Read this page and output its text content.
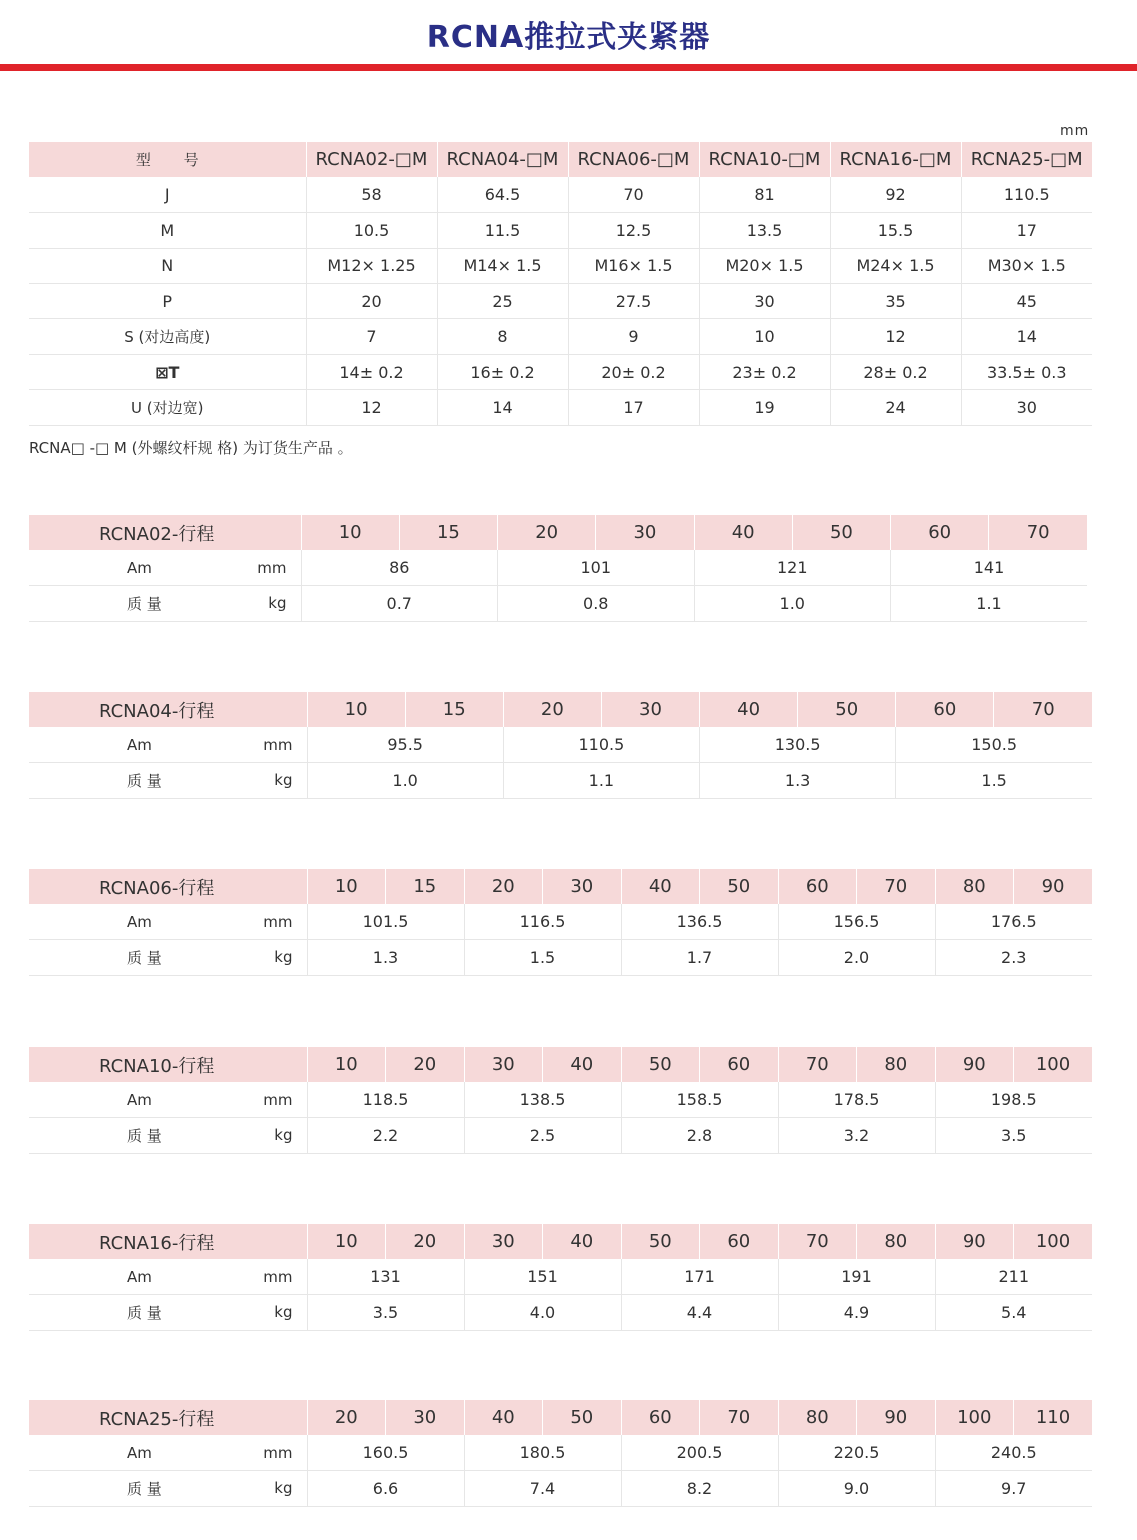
RCNA推拉式夹紧器
mm
型 号	RCNA02-□M	RCNA04-□M	RCNA06-□M	RCNA10-□M	RCNA16-□M	RCNA25-□M
J	58	64.5	70	81	92	110.5
M	10.5	11.5	12.5	13.5	15.5	17
N	M12× 1.25	M14× 1.5	M16× 1.5	M20× 1.5	M24× 1.5	M30× 1.5
P	20	25	27.5	30	35	45
S (对边高度)	7	8	9	10	12	14
⊠T	14± 0.2	16± 0.2	20± 0.2	23± 0.2	28± 0.2	33.5± 0.3
U (对边宽)	12	14	17	19	24	30
RCNA□ -□ M (外螺纹杆规 格) 为订货生产品 。
RCNA02-行程		10	15	20	30	40	50	60	70
Am	mm	86		101		121		141	
质 量	kg	0.7		0.8		1.0		1.1	
RCNA04-行程		10	15	20	30	40	50	60	70
Am	mm	95.5		110.5		130.5		150.5	
质 量	kg	1.0		1.1		1.3		1.5	
RCNA06-行程		10	15	20	30	40	50	60	70	80	90
Am	mm	101.5		116.5		136.5		156.5		176.5	
质 量	kg	1.3		1.5		1.7		2.0		2.3	
RCNA10-行程		10	20	30	40	50	60	70	80	90	100
Am	mm	118.5		138.5		158.5		178.5		198.5	
质 量	kg	2.2		2.5		2.8		3.2		3.5	
RCNA16-行程		10	20	30	40	50	60	70	80	90	100
Am	mm	131		151		171		191		211	
质 量	kg	3.5		4.0		4.4		4.9		5.4	
RCNA25-行程		20	30	40	50	60	70	80	90	100	110
Am	mm	160.5		180.5		200.5		220.5		240.5	
质 量	kg	6.6		7.4		8.2		9.0		9.7	
